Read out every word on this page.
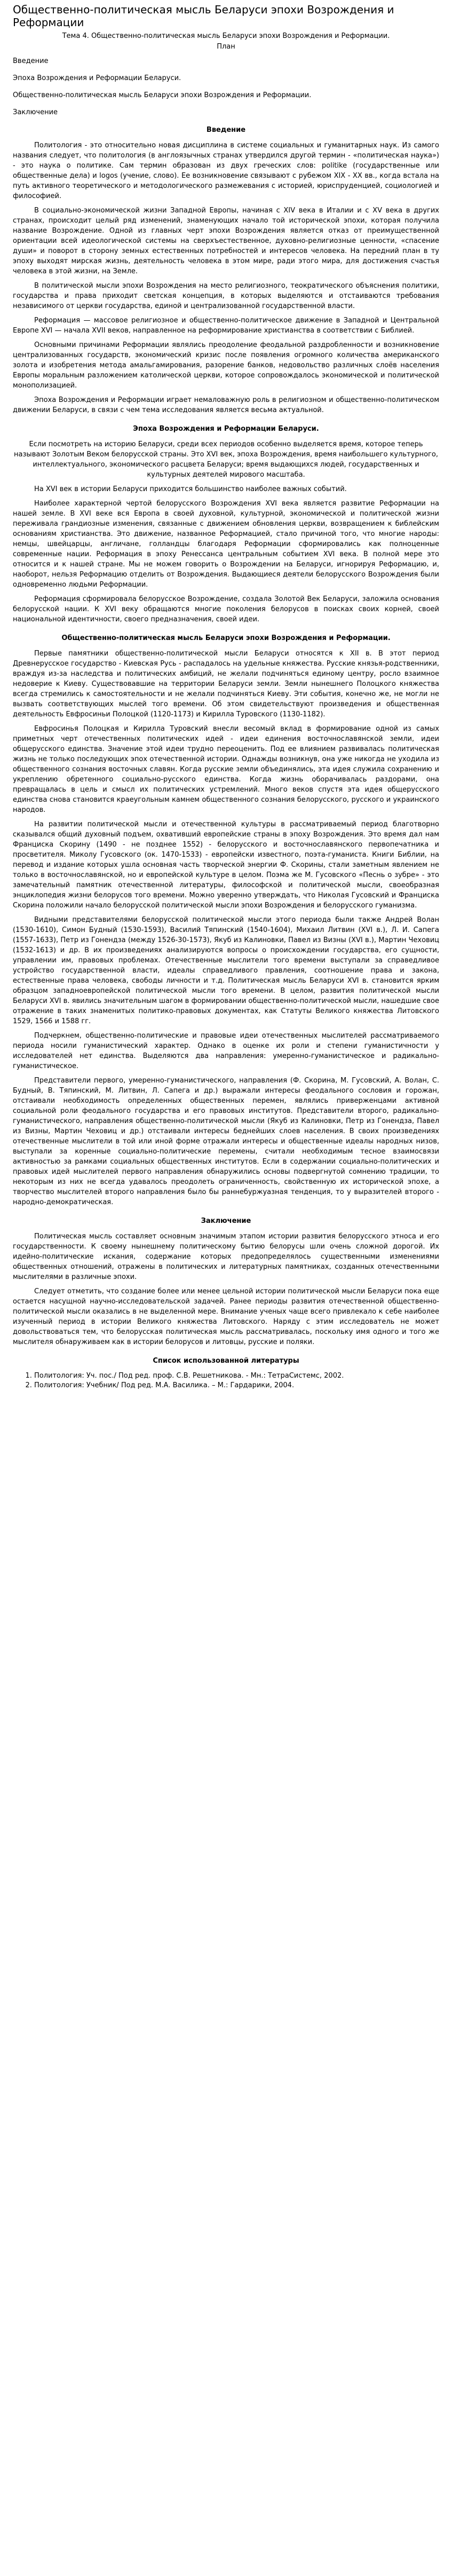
Общественно-политическая мысль Беларуси эпохи Возрождения и Реформации
Тема 4. Общественно-политическая мысль Беларуси эпохи Возрождения и Реформации.
План

Введение

Эпоха Возрождения и Реформации Беларуси.

Общественно-политическая мысль Беларуси эпохи Возрождения и Реформации.

Заключение

Введение

Политология - это относительно новая дисциплина в системе социальных и гуманитарных наук. Из самого названия следует, что политология (в англоязычных странах утвердился другой термин - «политическая наука») - это наука о политике. Сам термин образован из двух греческих слов: politike (государственные или общественные дела) и logos (учение, слово). Ее возникновение связывают с рубежом XIX - XX вв., когда встала на путь активного теоретического и методологического размежевания с историей, юриспруденцией, социологией и философией.

В социально-экономической жизни Западной Европы, начиная с XIV века в Италии и с XV века в других странах, происходит целый ряд изменений, знаменующих начало той исторической эпохи, которая получила название Возрождение. Одной из главных черт эпохи Возрождения является отказ от преимущественной ориентации всей идеологической системы на сверхъестественное, духовно-религиозные ценности, «спасение души» и поворот в сторону земных естественных потребностей и интересов человека. На передний план в ту эпоху выходят мирская жизнь, деятельность человека в этом мире, ради этого мира, для достижения счастья человека в этой жизни, на Земле.

В политической мысли эпохи Возрождения на место религиозного, теократического объяснения политики, государства и права приходит светская концепция, в которых выделяются и отстаиваются требования независимого от церкви государства, единой и централизованной государственной власти.

Реформация — массовое религиозное и общественно-политическое движение в Западной и Центральной Европе XVI — начала XVII веков, направленное на реформирование христианства в соответствии с Библией.

Основными причинами Реформации являлись преодоление феодальной раздробленности и возникновение централизованных государств, экономический кризис после появления огромного количества американского золота и изобретения метода амальгамирования, разорение банков, недовольство различных слоёв населения Европы моральным разложением католической церкви, которое сопровождалось экономической и политической монополизацией.

Эпоха Возрождения и Реформации играет немаловажную роль в религиозном и общественно-политическом движении Беларуси, в связи с чем тема исследования является весьма актуальной.

Эпоха Возрождения и Реформации Беларуси.

Если посмотреть на историю Беларуси, среди всех периодов особенно выделяется время, которое теперь называют Золотым Веком белорусской страны. Это XVI век, эпоха Возрождения, время наибольшего культурного, интеллектуального, экономического расцвета Беларуси; время выдающихся людей, государственных и культурных деятелей мирового масштаба.

На XVI век в истории Беларуси приходится большинство наиболее важных событий.

Наиболее характерной чертой белорусского Возрождения XVI века является развитие Реформации на нашей земле. В XVI веке вся Европа в своей духовной, культурной, экономической и политической жизни переживала грандиозные изменения, связанные с движением обновления церкви, возвращением к библейским основаниям христианства. Это движение, названное Реформацией, стало причиной того, что многие народы: немцы, швейцарцы, англичане, голландцы благодаря Реформации сформировались как полноценные современные нации. Реформация в эпоху Ренессанса центральным событием XVI века. В полной мере это относится и к нашей стране. Мы не можем говорить о Возрождении на Беларуси, игнорируя Реформацию, и, наоборот, нельзя Реформацию отделить от Возрождения. Выдающиеся деятели белорусского Возрождения были одновременно людьми Реформации.

Реформация сформировала белорусское Возрождение, создала Золотой Век Беларуси, заложила основания белорусской нации. К XVI веку обращаются многие поколения белорусов в поисках своих корней, своей национальной идентичности, своего предназначения, своей идеи.

Общественно-политическая мысль Беларуси эпохи Возрождения и Реформации.

Первые памятники общественно-политической мысли Беларуси относятся к XII в. В этот период Древнерусское государство - Киевская Русь - распадалось на удельные княжества. Русские князья-родственники, враждуя из-за наследства и политических амбиций, не желали подчиняться единому центру, росло взаимное недоверие к Киеву. Существовавшие на территории Беларуси земли. Земли нынешнего Полоцкого княжества всегда стремились к самостоятельности и не желали подчиняться Киеву. Эти события, конечно же, не могли не вызвать соответствующих мыслей того времени. Об этом свидетельствуют произведения и общественная деятельность Евфросиньи Полоцкой (1120-1173) и Кирилла Туровского (1130-1182).

Евфросинья Полоцкая и Кирилла Туровский внесли весомый вклад в формирование одной из самых приметных черт отечественных политических идей - идеи единения восточнославянской земли, идеи общерусского единства. Значение этой идеи трудно переоценить. Под ее влиянием развивалась политическая жизнь не только последующих эпох отечественной истории. Однажды возникнув, она уже никогда не уходила из общественного сознания восточных славян. Когда русские земли объединялись, эта идея служила сохранению и укреплению обретенного социально-русского единства. Когда жизнь оборачивалась раздорами, она превращалась в цель и смысл их политических устремлений. Много веков спустя эта идея общерусского единства снова становится краеугольным камнем общественного сознания белорусского, русского и украинского народов.

На развитии политической мысли и отечественной культуры в рассматриваемый период благотворно сказывался общий духовный подъем, охвативший европейские страны в эпоху Возрождения. Это время дал нам Франциска Скорину (1490 - не позднее 1552) - белорусского и восточнославянского первопечатника и просветителя. Миколу Гусовского (ок. 1470-1533) - европейски известного, поэта-гуманиста. Книги Библии, на перевод и издание которых ушла основная часть творческой энергии Ф. Скорины, стали заметным явлением не только в восточнославянской, но и европейской культуре в целом. Поэма же М. Гусовского «Песнь о зубре» - это замечательный памятник отечественной литературы, философской и политической мысли, своеобразная энциклопедия жизни белорусов того времени. Можно уверенно утверждать, что Николая Гусовский и Франциска Скорина положили начало белорусской политической мысли эпохи Возрождения и белорусского гуманизма.

Видными представителями белорусской политической мысли этого периода были также Андрей Волан (1530-1610), Симон Будный (1530-1593), Василий Тяпинский (1540-1604), Михаил Литвин (XVI в.), Л. И. Сапега (1557-1633), Петр из Гонендза (между 1526-30-1573), Якуб из Калиновки, Павел из Визны (XVI в.), Мартин Чеховиц (1532-1613) и др. В их произведениях анализируются вопросы о происхождении государства, его сущности, управлении им, правовых проблемах. Отечественные мыслители того времени выступали за справедливое устройство государственной власти, идеалы справедливого правления, соотношение права и закона, естественные права человека, свободы личности и т.д. Политическая мысль Беларуси XVI в. становится ярким образцом западноевропейской политической мысли того времени. В целом, развития политической мысли Беларуси XVI в. явились значительным шагом в формировании общественно-политической мысли, нашедшие свое отражение в таких знаменитых политико-правовых документах, как Статуты Великого княжества Литовского 1529, 1566 и 1588 гг.

Подчеркнем, общественно-политические и правовые идеи отечественных мыслителей рассматриваемого периода носили гуманистический характер. Однако в оценке их роли и степени гуманистичности у исследователей нет единства. Выделяются два направления: умеренно-гуманистическое и радикально-гуманистическое.

Представители первого, умеренно-гуманистического, направления (Ф. Скорина, М. Гусовский, А. Волан, С. Будный, В. Тяпинский, М. Литвин, Л. Сапега и др.) выражали интересы феодального сословия и горожан, отстаивали необходимость определенных общественных перемен, являлись приверженцами активной социальной роли феодального государства и его правовых институтов. Представители второго, радикально-гуманистического, направления общественно-политической мысли (Якуб из Калиновки, Петр из Гонендза, Павел из Визны, Мартин Чеховиц и др.) отстаивали интересы беднейших слоев населения. В своих произведениях отечественные мыслители в той или иной форме отражали интересы и общественные идеалы народных низов, выступали за коренные социально-политические перемены, считали необходимым тесное взаимосвязи активностью за рамками социальных общественных институтов. Если в содержании социально-политических и правовых идей мыслителей первого направления обнаружились основы подвергнутой сомнению традиции, то некоторым из них не всегда удавалось преодолеть ограниченность, свойственную их исторической эпохе, а творчество мыслителей второго направления было бы раннебуржуазная тенденция, то у выразителей второго - народно-демократическая.

Заключение

Политическая мысль составляет основным значимым этапом истории развития белорусского этноса и его государственности. К своему нынешнему политическому бытию белорусы шли очень сложной дорогой. Их идейно-политические искания, содержание которых предопределялось существенными изменениями общественных отношений, отражены в политических и литературных памятниках, созданных отечественными мыслителями в различные эпохи.

Следует отметить, что создание более или менее цельной истории политической мысли Беларуси пока еще остается насущной научно-исследовательской задачей. Ранее периоды развития отечественной общественно-политической мысли оказались в не выделенной мере. Внимание ученых чаще всего привлекало к себе наиболее изученный период в истории Великого княжества Литовского. Наряду с этим исследователь не может довольствоваться тем, что белорусская политическая мысль рассматривалась, поскольку имя одного и того же мыслителя обнаруживаем как в истории белорусов и литовцы, русские и поляки.

Список использованной литературы
1. Политология: Уч. пос./ Под ред. проф. С.В. Решетникова. - Мн.: ТетраСистемс, 2002.
2. Политология: Учебник/ Под ред. М.А. Василика. – М.: Гардарики, 2004.
